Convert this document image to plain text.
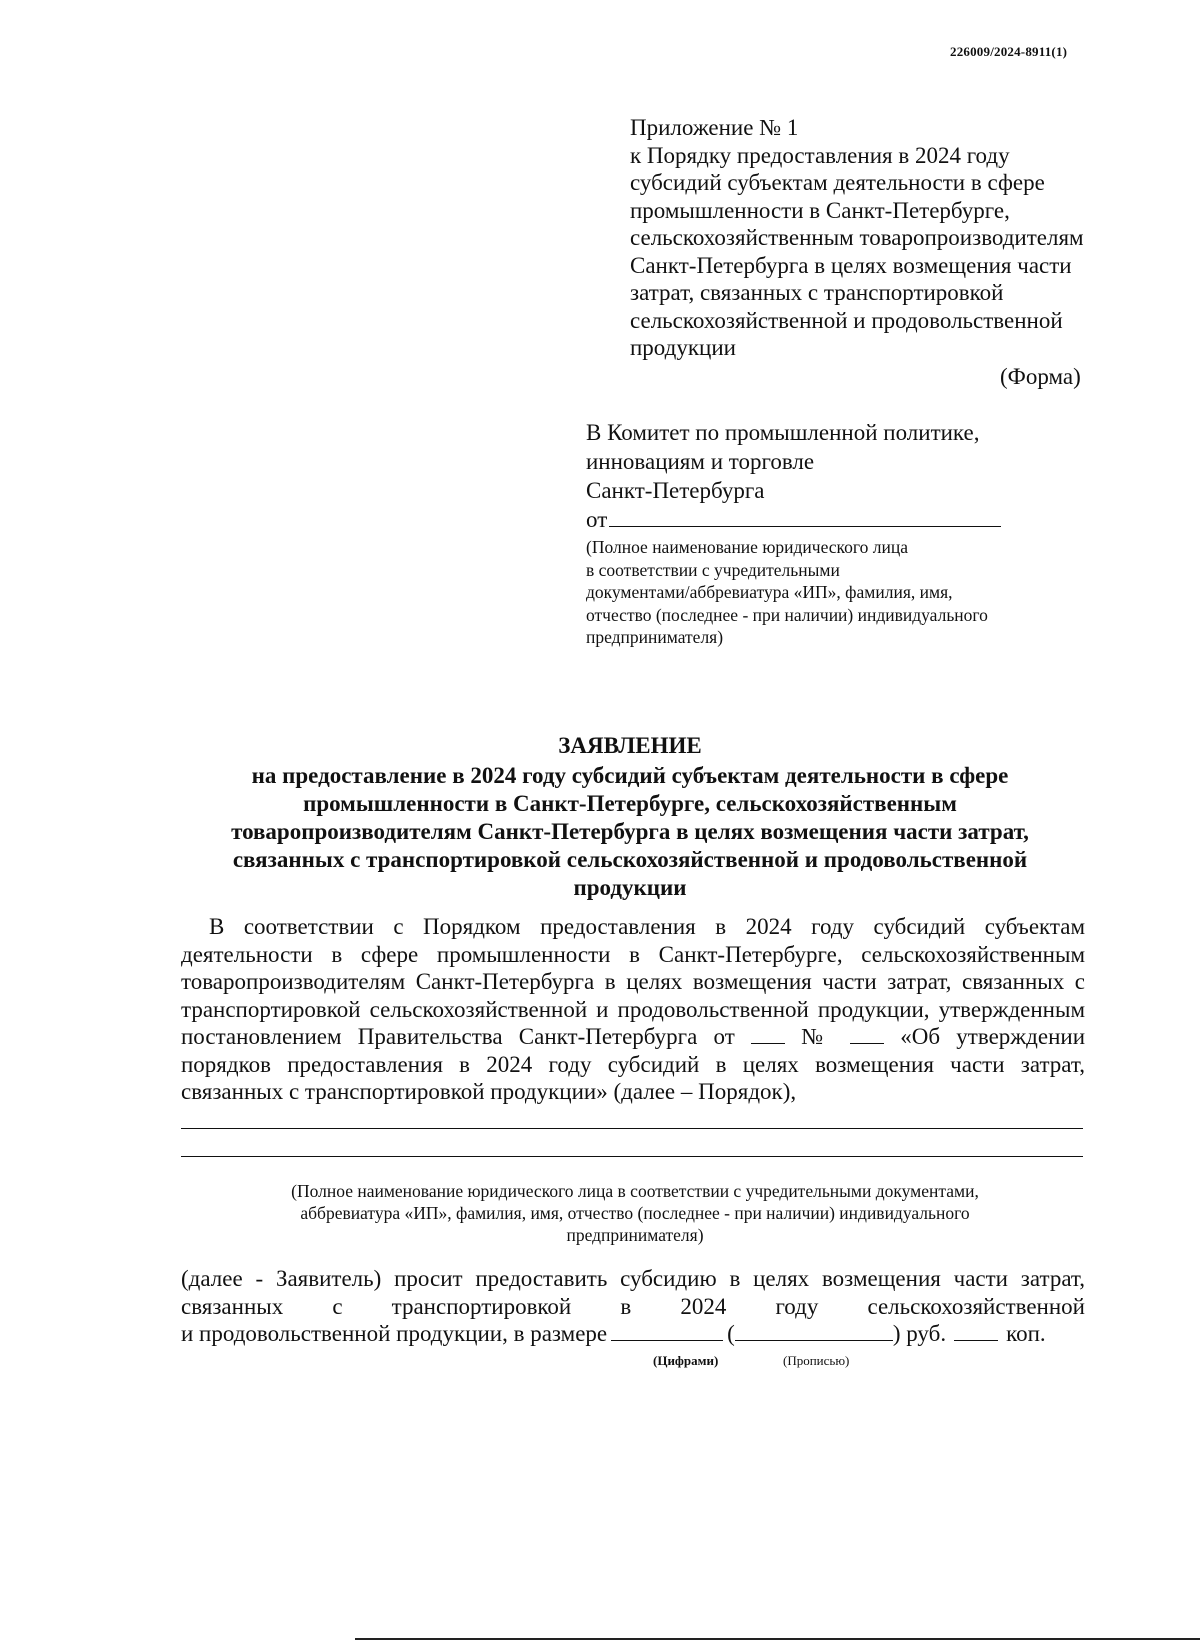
226009/2024-8911(1)
Приложение № 1
к Порядку предоставления в 2024 году
субсидий субъектам деятельности в сфере
промышленности в Санкт-Петербурге,
сельскохозяйственным товаропроизводителям
Санкт-Петербурга в целях возмещения части
затрат, связанных с транспортировкой
сельскохозяйственной и продовольственной
продукции
(Форма)
В Комитет по промышленной политике,
инновациям и торговле
Санкт-Петербурга
от
(Полное наименование юридического лица
в соответствии с учредительными
документами/аббревиатура «ИП», фамилия, имя,
отчество (последнее - при наличии) индивидуального
предпринимателя)
ЗАЯВЛЕНИЕ
на предоставление в 2024 году субсидий субъектам деятельности в сфере
промышленности в Санкт-Петербурге, сельскохозяйственным
товаропроизводителям Санкт-Петербурга в целях возмещения части затрат,
связанных с транспортировкой сельскохозяйственной и продовольственной
продукции
В соответствии с Порядком предоставления в 2024 году субсидий субъектам деятельности в сфере промышленности в Санкт-Петербурге, сельскохозяйственным товаропроизводителям Санкт-Петербурга в целях возмещения части затрат, связанных с транспортировкой сельскохозяйственной и продовольственной продукции, утвержденным постановлением Правительства Санкт-Петербурга от	№	«Об утверждении порядков предоставления в 2024 году субсидий в целях возмещения части затрат, связанных с транспортировкой продукции» (далее – Порядок),
(Полное наименование юридического лица в соответствии с учредительными документами,
аббревиатура «ИП», фамилия, имя, отчество (последнее - при наличии) индивидуального
предпринимателя)
(далее - Заявитель) просит предоставить субсидию в целях возмещения части затрат,
связанных с транспортировкой в 2024 году сельскохозяйственной
и продовольственной продукции, в размере	(	) руб.	коп.
(Цифрами)	(Прописью)
